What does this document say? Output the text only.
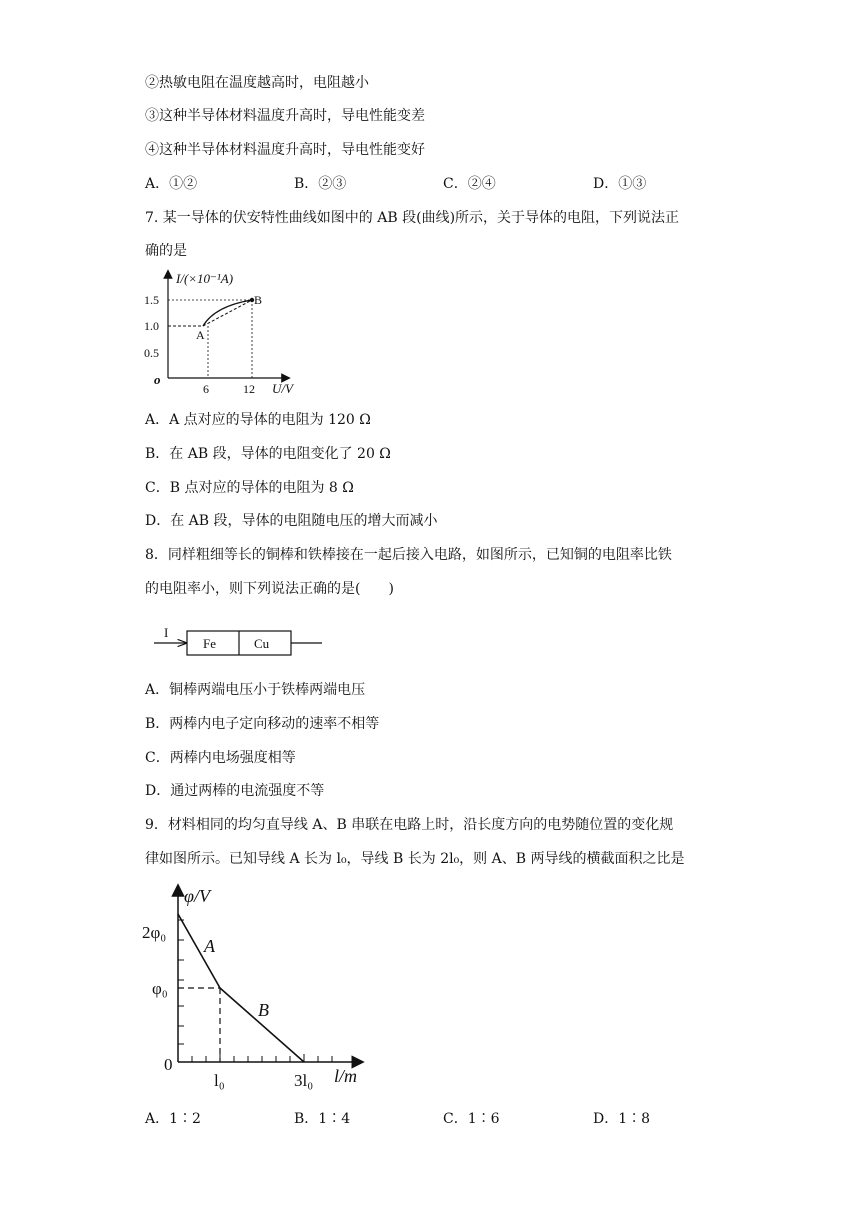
②热敏电阻在温度越高时，电阻越小
③这种半导体材料温度升高时，导电性能变差
④这种半导体材料温度升高时，导电性能变好
A．①②	B．②③	C．②④	D．①③
7. 某一导体的伏安特性曲线如图中的 AB 段(曲线)所示，关于导体的电阻，下列说法正
确的是
I/(×10⁻¹A)
U/V
o
1.5
1.0
0.5
6	12
A
B
A．A 点对应的导体的电阻为 120 Ω
B．在 AB 段，导体的电阻变化了 20 Ω
C．B 点对应的导体的电阻为 8 Ω
D．在 AB 段，导体的电阻随电压的增大而减小
8．同样粗细等长的铜棒和铁棒接在一起后接入电路，如图所示，已知铜的电阻率比铁
的电阻率小，则下列说法正确的是(　　)
I
Fe	Cu
A．铜棒两端电压小于铁棒两端电压
B．两棒内电子定向移动的速率不相等
C．两棒内电场强度相等
D．通过两棒的电流强度不等
9．材料相同的均匀直导线 A、B 串联在电路上时，沿长度方向的电势随位置的变化规
律如图所示。已知导线 A 长为 l₀，导线 B 长为 2l₀，则 A、B 两导线的横截面积之比是
φ/V
l/m
0
2φ₀
φ₀
l₀	3l₀
A
B
A．1∶2	B．1∶4	C．1∶6	D．1∶8
